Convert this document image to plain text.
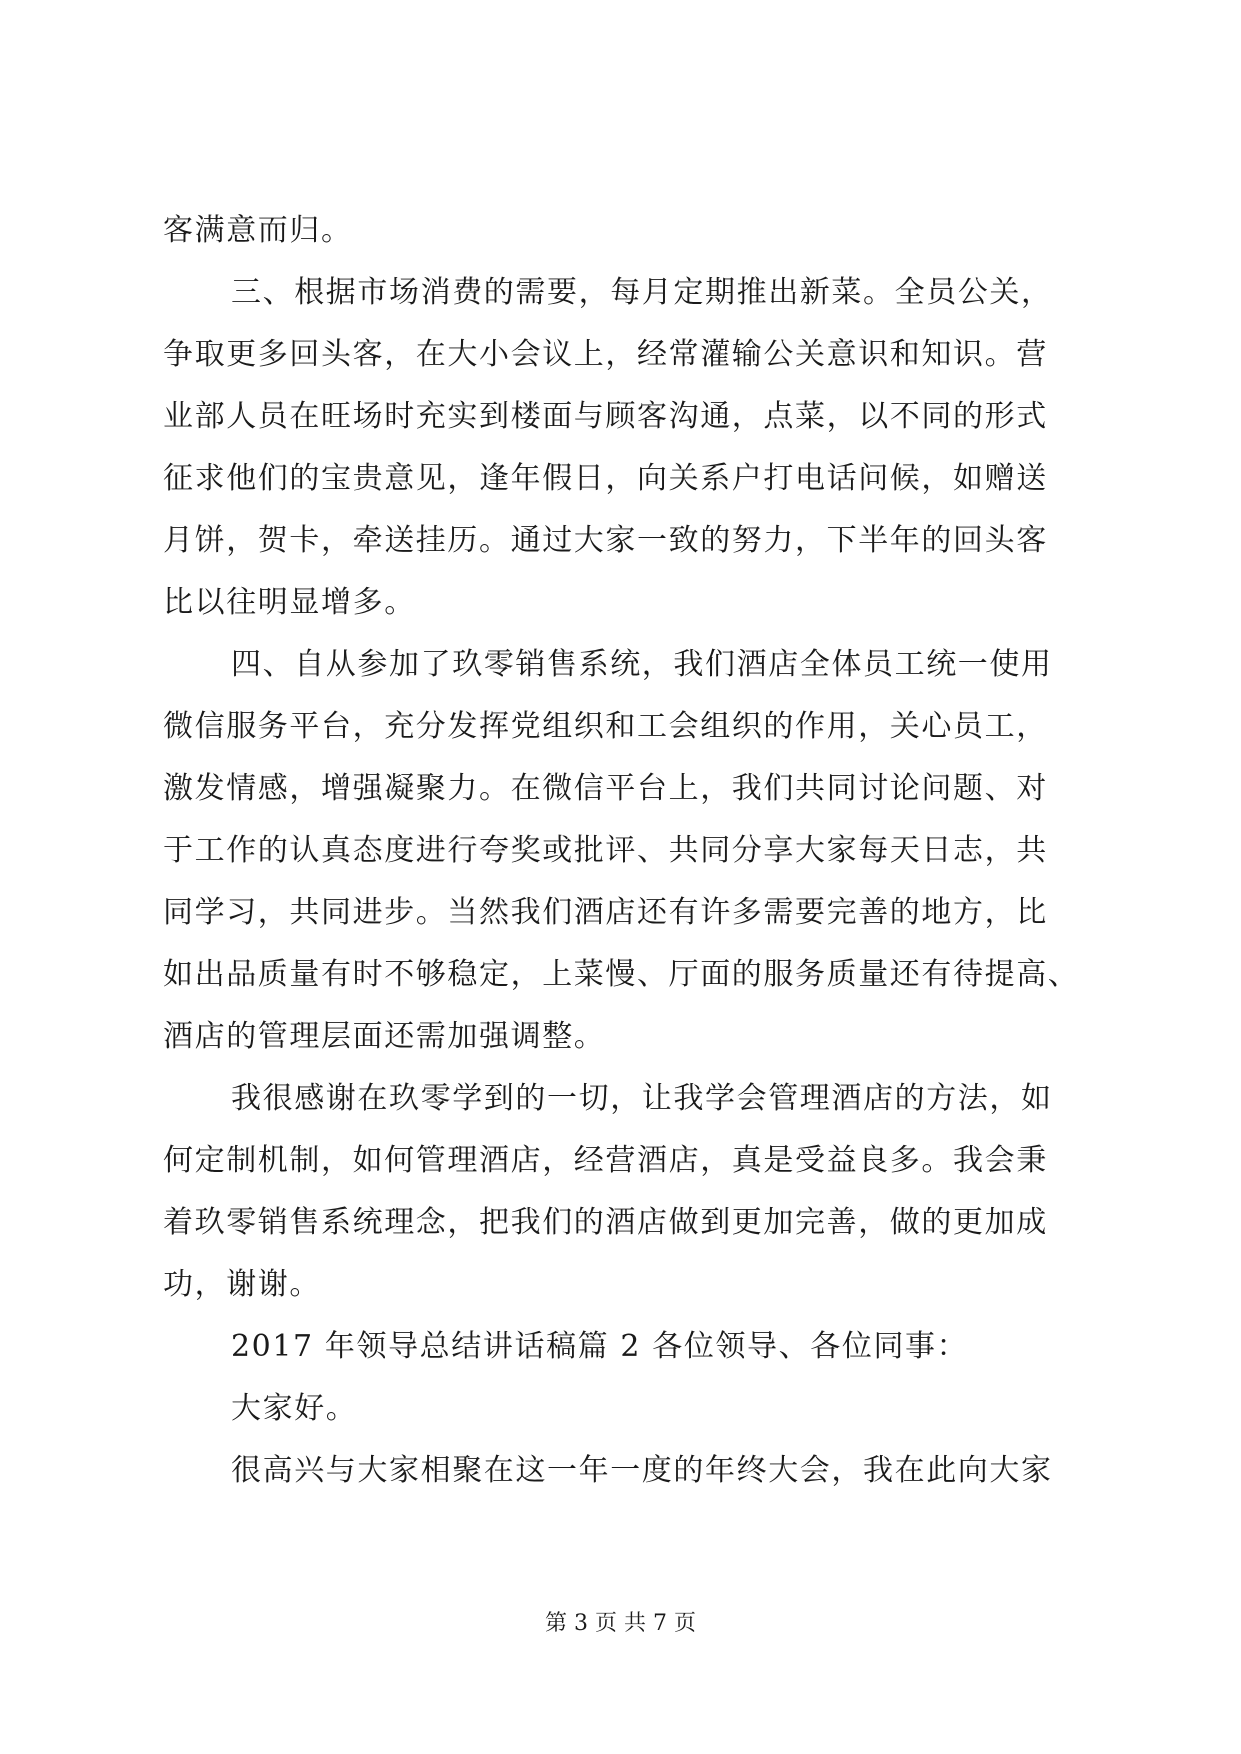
客满意而归。
三、根据市场消费的需要，每月定期推出新菜。全员公关，
争取更多回头客，在大小会议上，经常灌输公关意识和知识。营
业部人员在旺场时充实到楼面与顾客沟通，点菜，以不同的形式
征求他们的宝贵意见，逢年假日，向关系户打电话问候，如赠送
月饼，贺卡，牵送挂历。通过大家一致的努力，下半年的回头客
比以往明显增多。
四、自从参加了玖零销售系统，我们酒店全体员工统一使用
微信服务平台，充分发挥党组织和工会组织的作用，关心员工，
激发情感，增强凝聚力。在微信平台上，我们共同讨论问题、对
于工作的认真态度进行夸奖或批评、共同分享大家每天日志，共
同学习，共同进步。当然我们酒店还有许多需要完善的地方，比
如出品质量有时不够稳定，上菜慢、厅面的服务质量还有待提高、
酒店的管理层面还需加强调整。
我很感谢在玖零学到的一切，让我学会管理酒店的方法，如
何定制机制，如何管理酒店，经营酒店，真是受益良多。我会秉
着玖零销售系统理念，把我们的酒店做到更加完善，做的更加成
功，谢谢。
2017 年领导总结讲话稿篇 2 各位领导、各位同事：
大家好。
很高兴与大家相聚在这一年一度的年终大会，我在此向大家
第 3 页 共 7 页
